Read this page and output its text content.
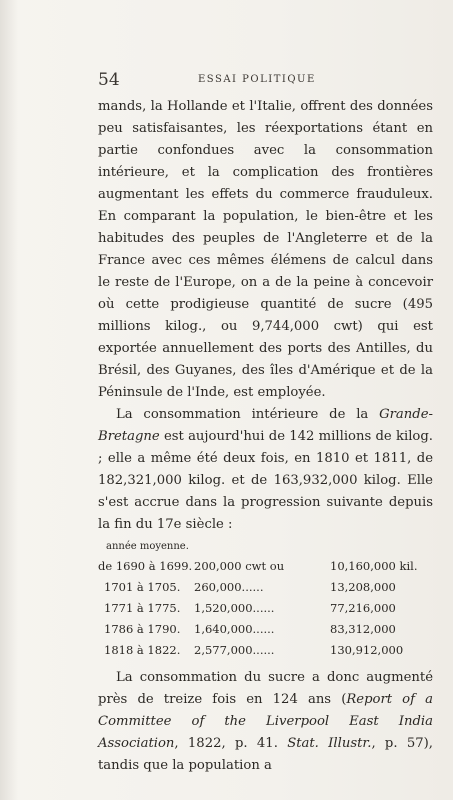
54	ESSAI POLITIQUE

mands, la Hollande et l'Italie, offrent des données peu satisfaisantes, les réexportations étant en partie confondues avec la consommation intérieure, et la complication des frontières augmentant les effets du commerce frauduleux. En comparant la population, le bien-être et les habitudes des peuples de l'Angleterre et de la France avec ces mêmes élémens de calcul dans le reste de l'Europe, on a de la peine à concevoir où cette prodigieuse quantité de sucre (495 millions kilog., ou 9,744,000 cwt) qui est exportée annuellement des ports des Antilles, du Brésil, des Guyanes, des îles d'Amérique et de la Péninsule de l'Inde, est employée.

La consommation intérieure de la Grande-Bretagne est aujourd'hui de 142 millions de kilog. ; elle a même été deux fois, en 1810 et 1811, de 182,321,000 kilog. et de 163,932,000 kilog. Elle s'est accrue dans la progression suivante depuis la fin du 17e siècle :

année moyenne.
de 1690 à 1699. 200,000 cwt ou	10,160,000 kil.
1701 à 1705.	260,000......	13,208,000
1771 à 1775.	1,520,000......	77,216,000
1786 à 1790.	1,640,000......	83,312,000
1818 à 1822.	2,577,000......	130,912,000

La consommation du sucre a donc augmenté près de treize fois en 124 ans (Report of a Committee of the Liverpool East India Association, 1822, p. 41. Stat. Illustr., p. 57), tandis que la population a
